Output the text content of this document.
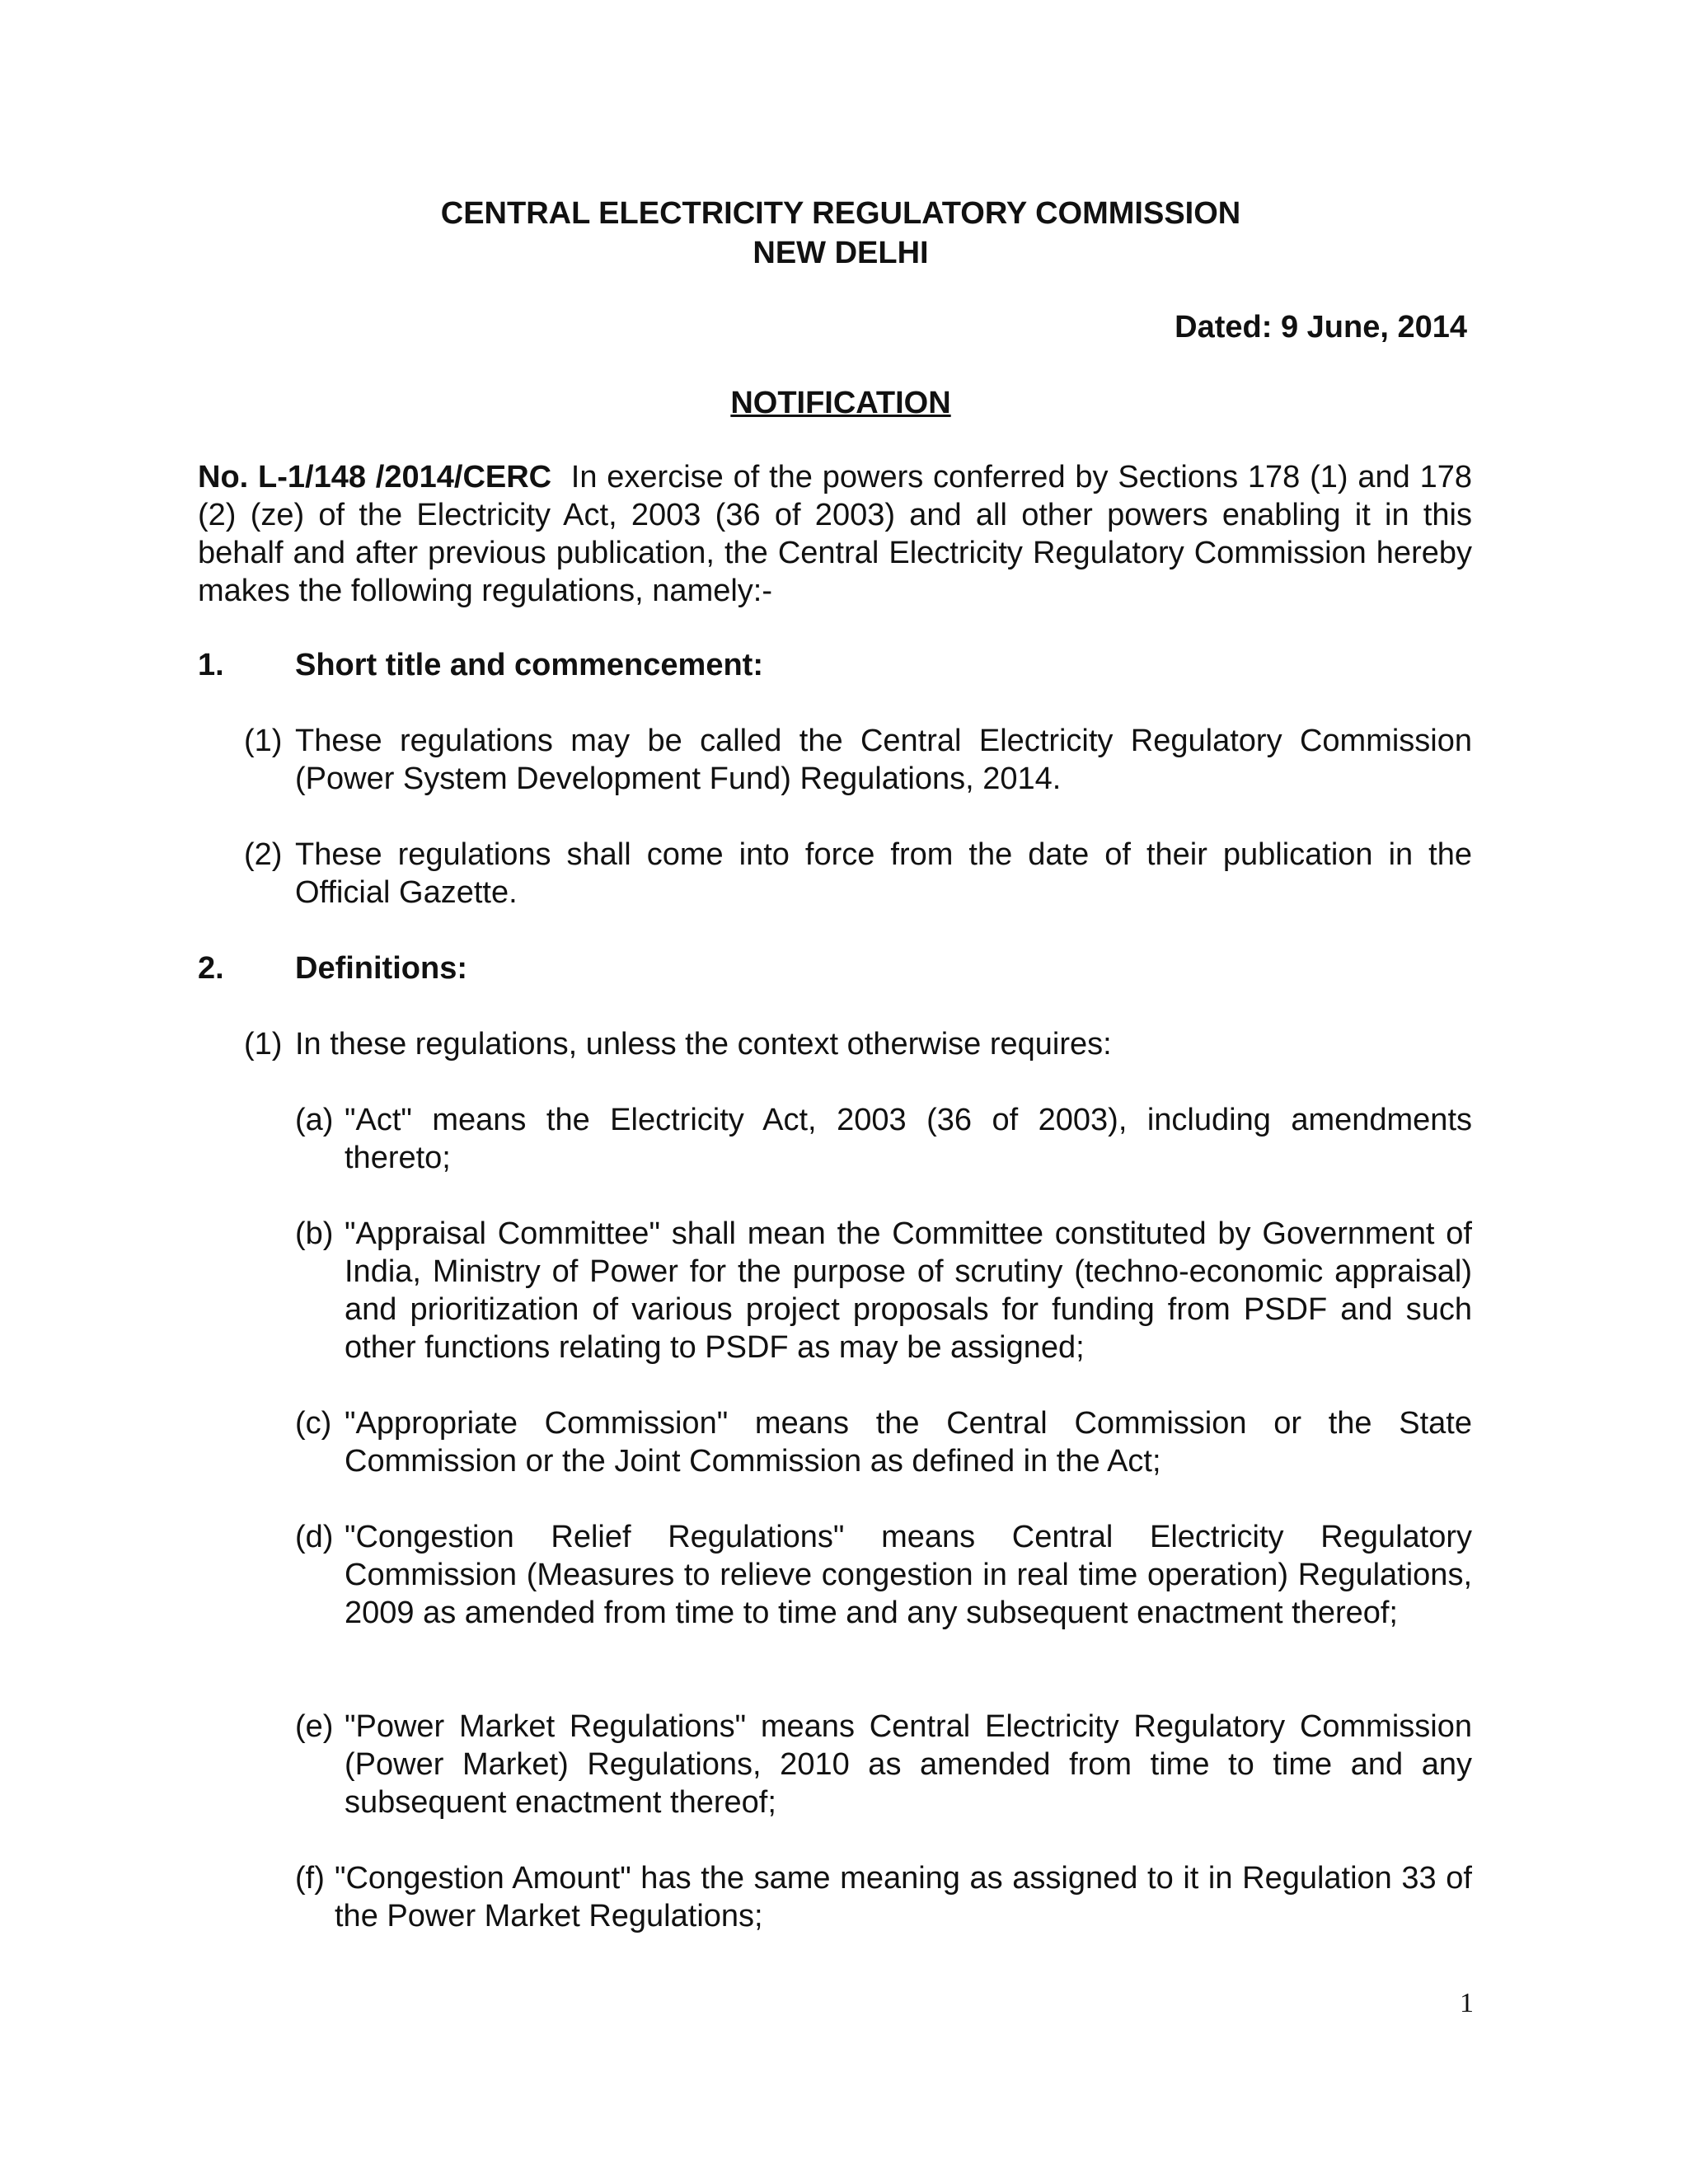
CENTRAL ELECTRICITY REGULATORY COMMISSION
NEW DELHI
Dated: 9 June, 2014
NOTIFICATION

No. L-1/148 /2014/CERC In exercise of the powers conferred by Sections 178 (1) and 178 (2) (ze) of the Electricity Act, 2003 (36 of 2003) and all other powers enabling it in this behalf and after previous publication, the Central Electricity Regulatory Commission hereby makes the following regulations, namely:-

1. Short title and commencement:
(1) These regulations may be called the Central Electricity Regulatory Commission (Power System Development Fund) Regulations, 2014.

(2) These regulations shall come into force from the date of their publication in the Official Gazette.

2. Definitions:
(1) In these regulations, unless the context otherwise requires:

(a) "Act" means the Electricity Act, 2003 (36 of 2003), including amendments thereto;

(b) "Appraisal Committee" shall mean the Committee constituted by Government of India, Ministry of Power for the purpose of scrutiny (techno-economic appraisal) and prioritization of various project proposals for funding from PSDF and such other functions relating to PSDF as may be assigned;

(c) "Appropriate Commission" means the Central Commission or the State Commission or the Joint Commission as defined in the Act;

(d) "Congestion Relief Regulations" means Central Electricity Regulatory Commission (Measures to relieve congestion in real time operation) Regulations, 2009 as amended from time to time and any subsequent enactment thereof;

(e) "Power Market Regulations" means Central Electricity Regulatory Commission (Power Market) Regulations, 2010 as amended from time to time and any subsequent enactment thereof;

(f) "Congestion Amount" has the same meaning as assigned to it in Regulation 33 of the Power Market Regulations;

1
